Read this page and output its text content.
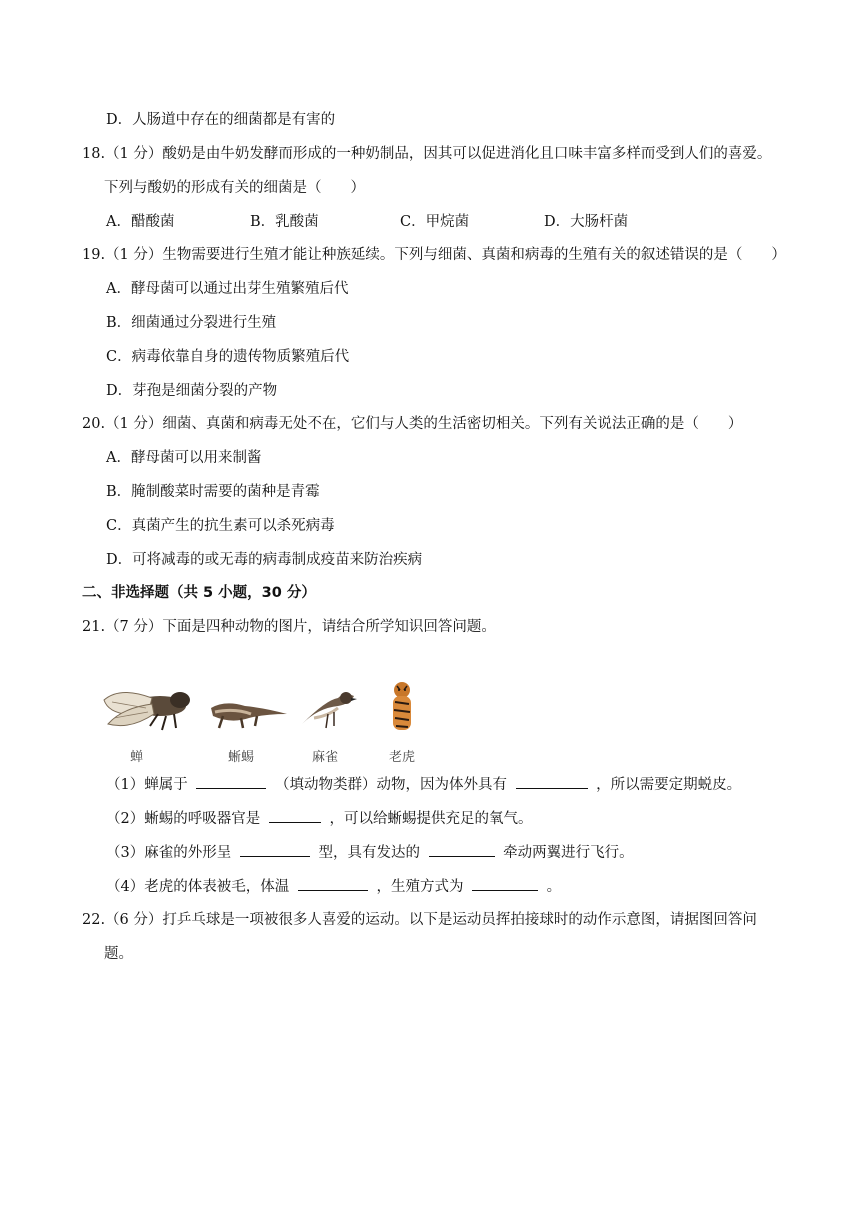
D．人肠道中存在的细菌都是有害的
18.（1 分）酸奶是由牛奶发酵而形成的一种奶制品，因其可以促进消化且口味丰富多样而受到人们的喜爱。
下列与酸奶的形成有关的细菌是（　　）
A．醋酸菌	B．乳酸菌	C．甲烷菌	D．大肠杆菌
19.（1 分）生物需要进行生殖才能让种族延续。下列与细菌、真菌和病毒的生殖有关的叙述错误的是（　　）
A．酵母菌可以通过出芽生殖繁殖后代
B．细菌通过分裂进行生殖
C．病毒依靠自身的遗传物质繁殖后代
D．芽孢是细菌分裂的产物
20.（1 分）细菌、真菌和病毒无处不在，它们与人类的生活密切相关。下列有关说法正确的是（　　）
A．酵母菌可以用来制酱
B．腌制酸菜时需要的菌种是青霉
C．真菌产生的抗生素可以杀死病毒
D．可将减毒的或无毒的病毒制成疫苗来防治疾病
二、非选择题（共 5 小题，30 分）
21.（7 分）下面是四种动物的图片，请结合所学知识回答问题。
蝉	蜥蜴	麻雀	老虎
（1）蝉属于	（填动物类群）动物，因为体外具有	，所以需要定期蜕皮。
（2）蜥蜴的呼吸器官是	，可以给蜥蜴提供充足的氧气。
（3）麻雀的外形呈	型，具有发达的	牵动两翼进行飞行。
（4）老虎的体表被毛，体温	，生殖方式为	。
22.（6 分）打乒乓球是一项被很多人喜爱的运动。以下是运动员挥拍接球时的动作示意图，请据图回答问
题。
